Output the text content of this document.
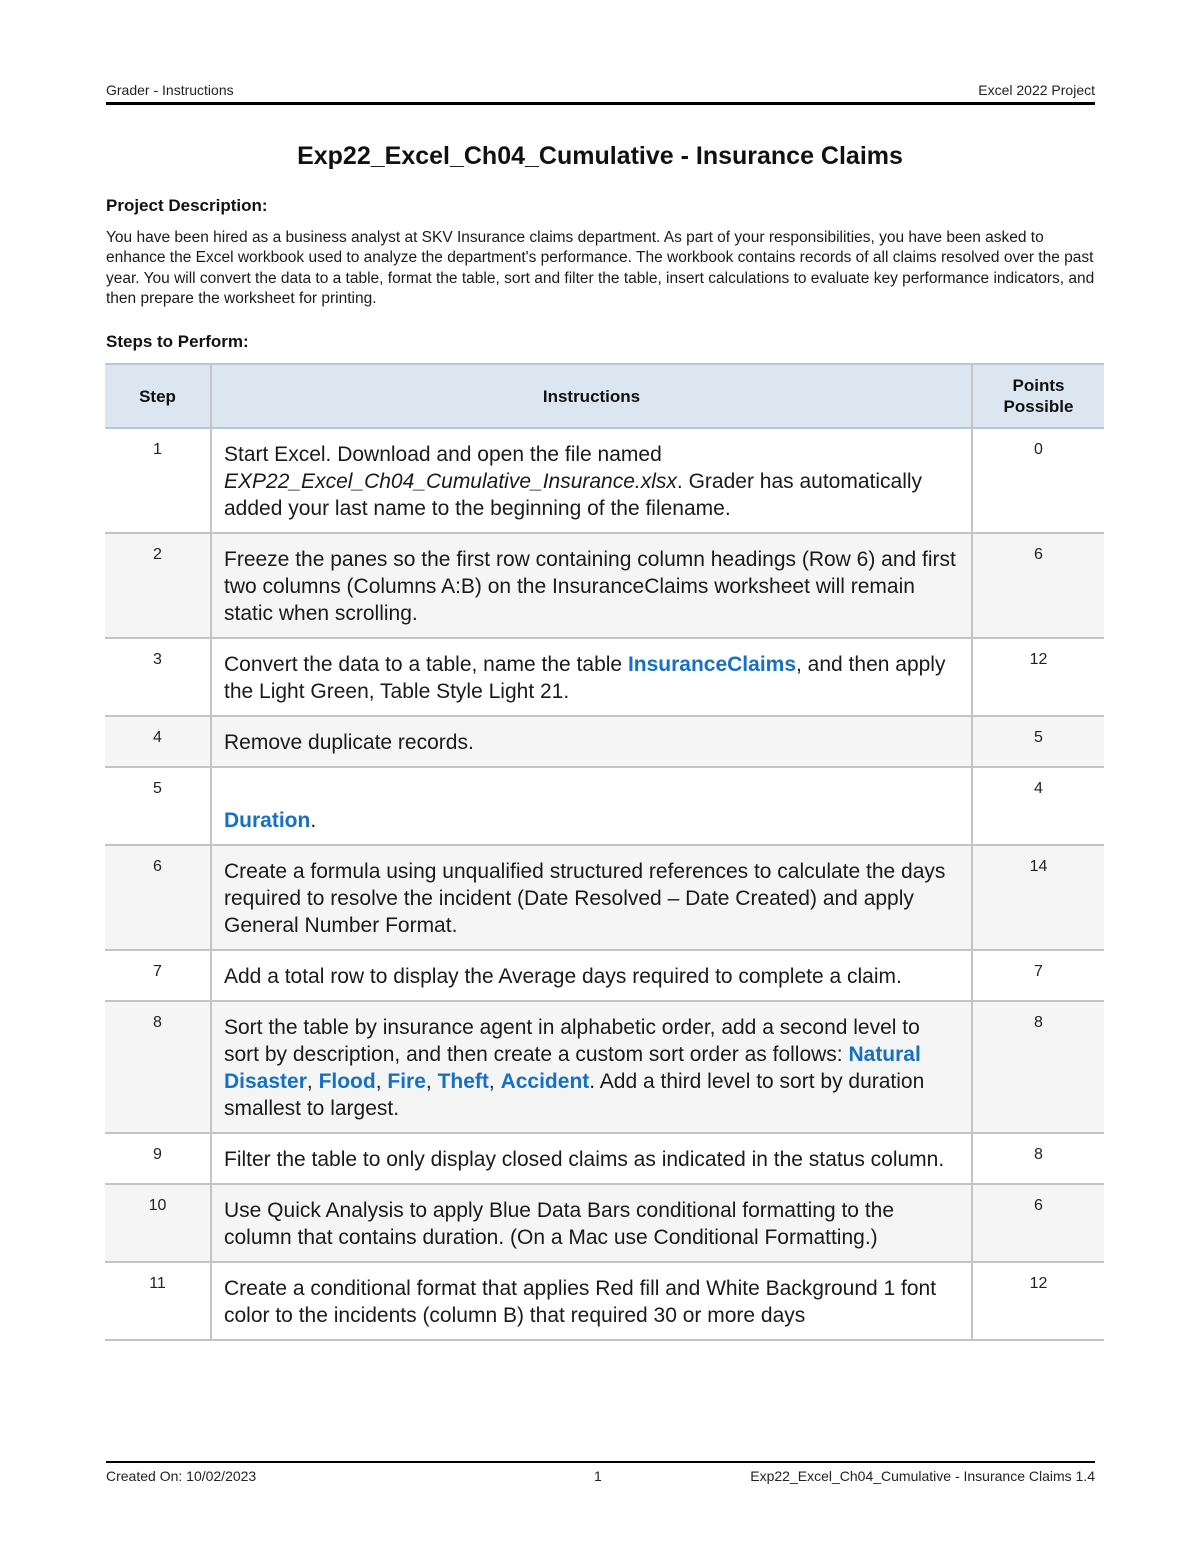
Grader - Instructions	Excel 2022 Project
Exp22_Excel_Ch04_Cumulative - Insurance Claims
Project Description:
You have been hired as a business analyst at SKV Insurance claims department. As part of your responsibilities, you have been asked to enhance the Excel workbook used to analyze the department's performance. The workbook contains records of all claims resolved over the past year. You will convert the data to a table, format the table, sort and filter the table, insert calculations to evaluate key performance indicators, and then prepare the worksheet for printing.
Steps to Perform:
Step	Instructions	Points
Possible
1	Start Excel. Download and open the file named EXP22_Excel_Ch04_Cumulative_Insurance.xlsx. Grader has automatically added your last name to the beginning of the filename.	0
2	Freeze the panes so the first row containing column headings (Row 6) and first two columns (Columns A:B) on the InsuranceClaims worksheet will remain static when scrolling.	6
3	Convert the data to a table, name the table InsuranceClaims, and then apply the Light Green, Table Style Light 21.	12
4	Remove duplicate records.	5
5	Duration.	4
6	Create a formula using unqualified structured references to calculate the days required to resolve the incident (Date Resolved – Date Created) and apply General Number Format.	14
7	Add a total row to display the Average days required to complete a claim.	7
8	Sort the table by insurance agent in alphabetic order, add a second level to sort by description, and then create a custom sort order as follows: Natural Disaster, Flood, Fire, Theft, Accident. Add a third level to sort by duration smallest to largest.	8
9	Filter the table to only display closed claims as indicated in the status column.	8
10	Use Quick Analysis to apply Blue Data Bars conditional formatting to the column that contains duration. (On a Mac use Conditional Formatting.)	6
11	Create a conditional format that applies Red fill and White Background 1 font color to the incidents (column B) that required 30 or more days	12
Created On: 10/02/2023	1	Exp22_Excel_Ch04_Cumulative - Insurance Claims 1.4
